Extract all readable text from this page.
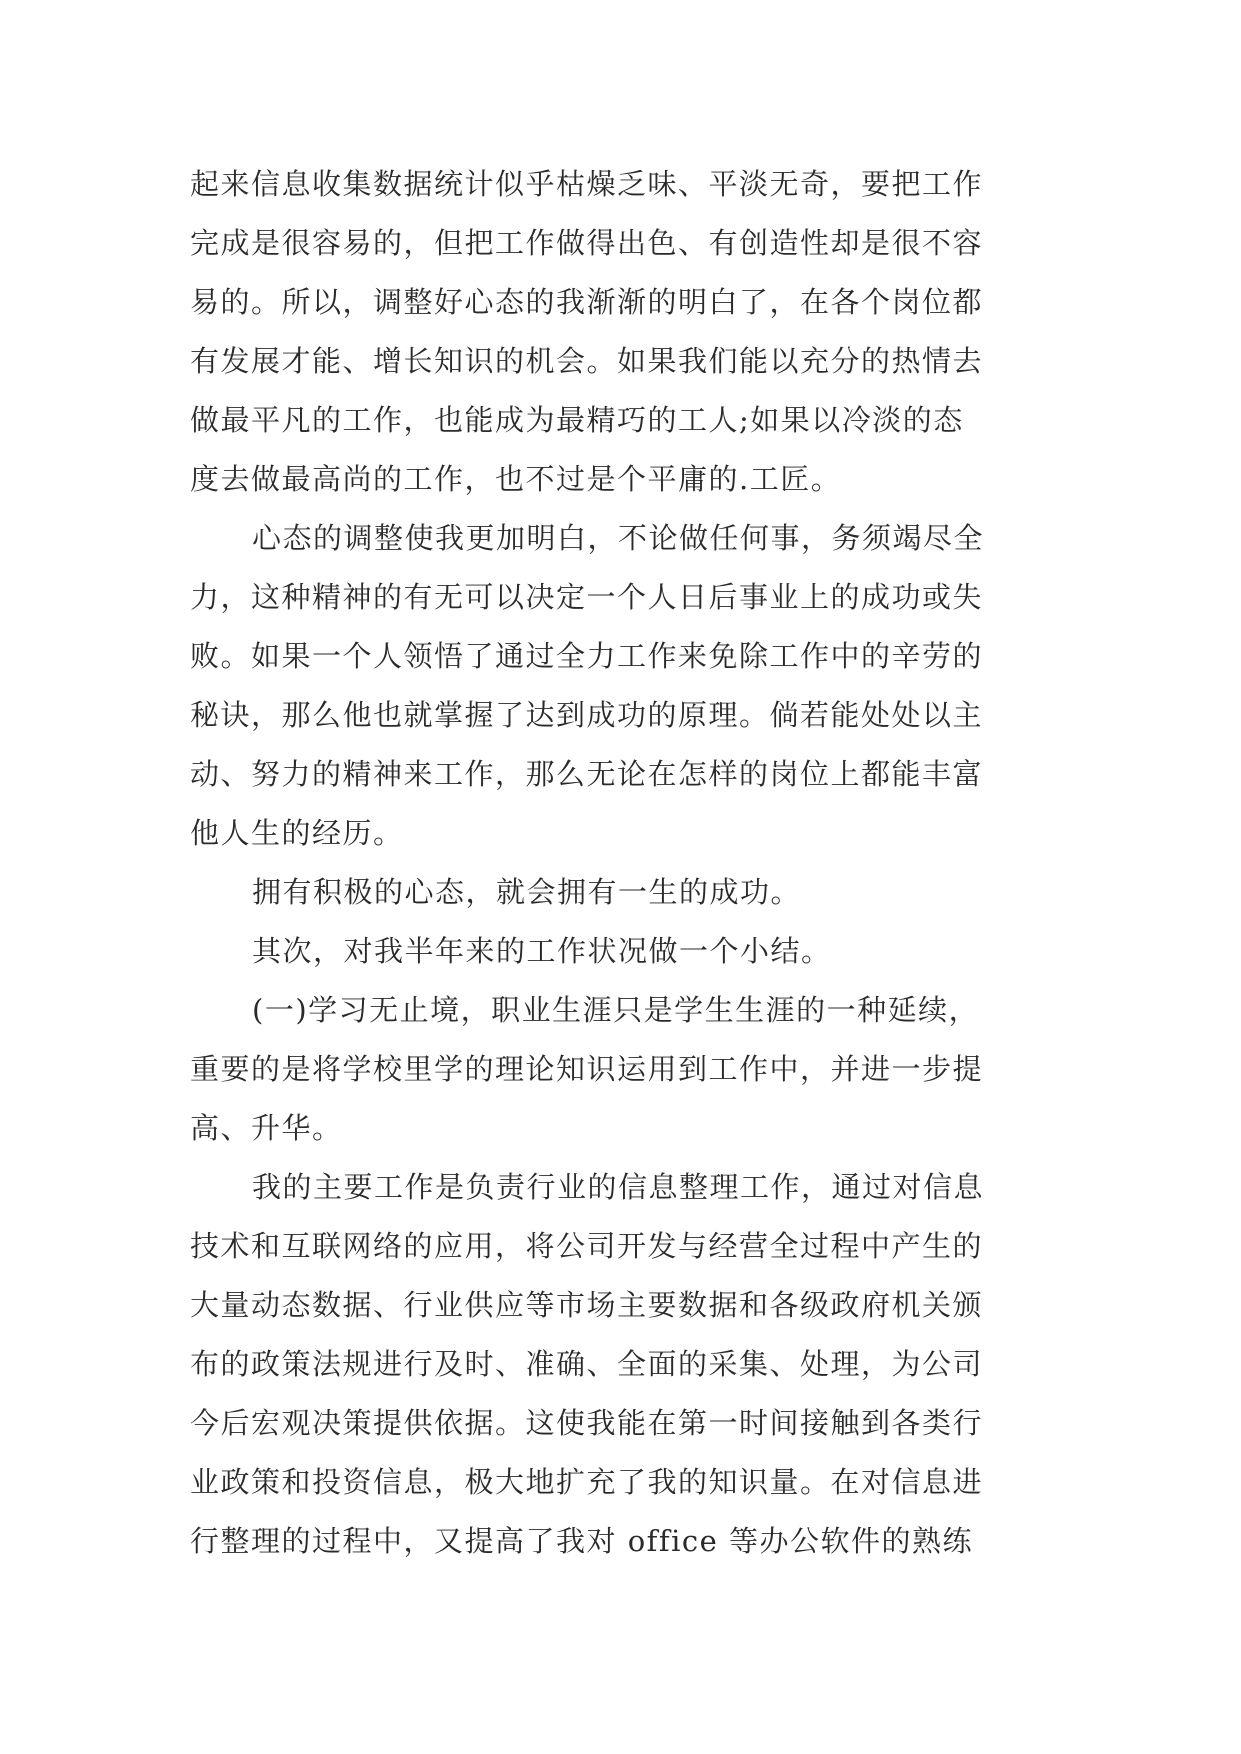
起来信息收集数据统计似乎枯燥乏味、平淡无奇，要把工作
完成是很容易的，但把工作做得出色、有创造性却是很不容
易的。所以，调整好心态的我渐渐的明白了，在各个岗位都
有发展才能、增长知识的机会。如果我们能以充分的热情去
做最平凡的工作，也能成为最精巧的工人;如果以冷淡的态
度去做最高尚的工作，也不过是个平庸的.工匠。
心态的调整使我更加明白，不论做任何事，务须竭尽全
力，这种精神的有无可以决定一个人日后事业上的成功或失
败。如果一个人领悟了通过全力工作来免除工作中的辛劳的
秘诀，那么他也就掌握了达到成功的原理。倘若能处处以主
动、努力的精神来工作，那么无论在怎样的岗位上都能丰富
他人生的经历。
拥有积极的心态，就会拥有一生的成功。
其次，对我半年来的工作状况做一个小结。
(一)学习无止境，职业生涯只是学生生涯的一种延续，
重要的是将学校里学的理论知识运用到工作中，并进一步提
高、升华。
我的主要工作是负责行业的信息整理工作，通过对信息
技术和互联网络的应用，将公司开发与经营全过程中产生的
大量动态数据、行业供应等市场主要数据和各级政府机关颁
布的政策法规进行及时、准确、全面的采集、处理，为公司
今后宏观决策提供依据。这使我能在第一时间接触到各类行
业政策和投资信息，极大地扩充了我的知识量。在对信息进
行整理的过程中，又提高了我对 office 等办公软件的熟练
